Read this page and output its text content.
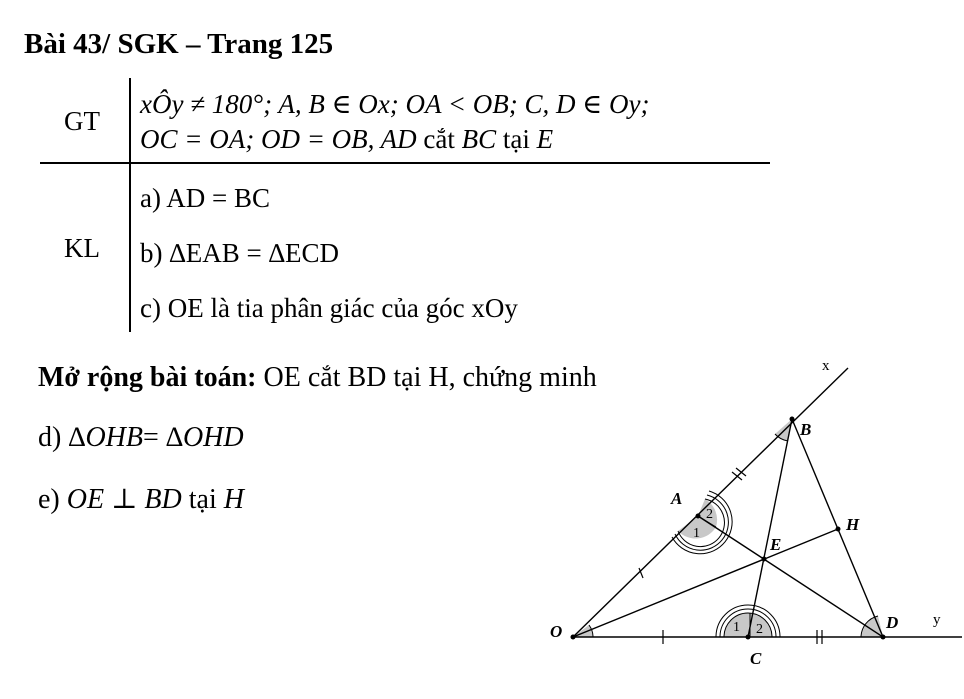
Bài 43/ SGK – Trang 125
GT
KL
xÔy ≠ 180°; A, B ∈ Ox; OA < OB; C, D ∈ Oy;
OC = OA; OD = OB, AD cắt BC tại E
a) AD = BC
b) ∆EAB = ∆ECD
c) OE là tia phân giác của góc xOy
Mở rộng bài toán: OE cắt BD tại H, chứng minh
d) ∆OHB= ∆OHD
e) OE ⊥ BD tại H
O
A
B
C
D
E
H
x
y
1
2
1 2
